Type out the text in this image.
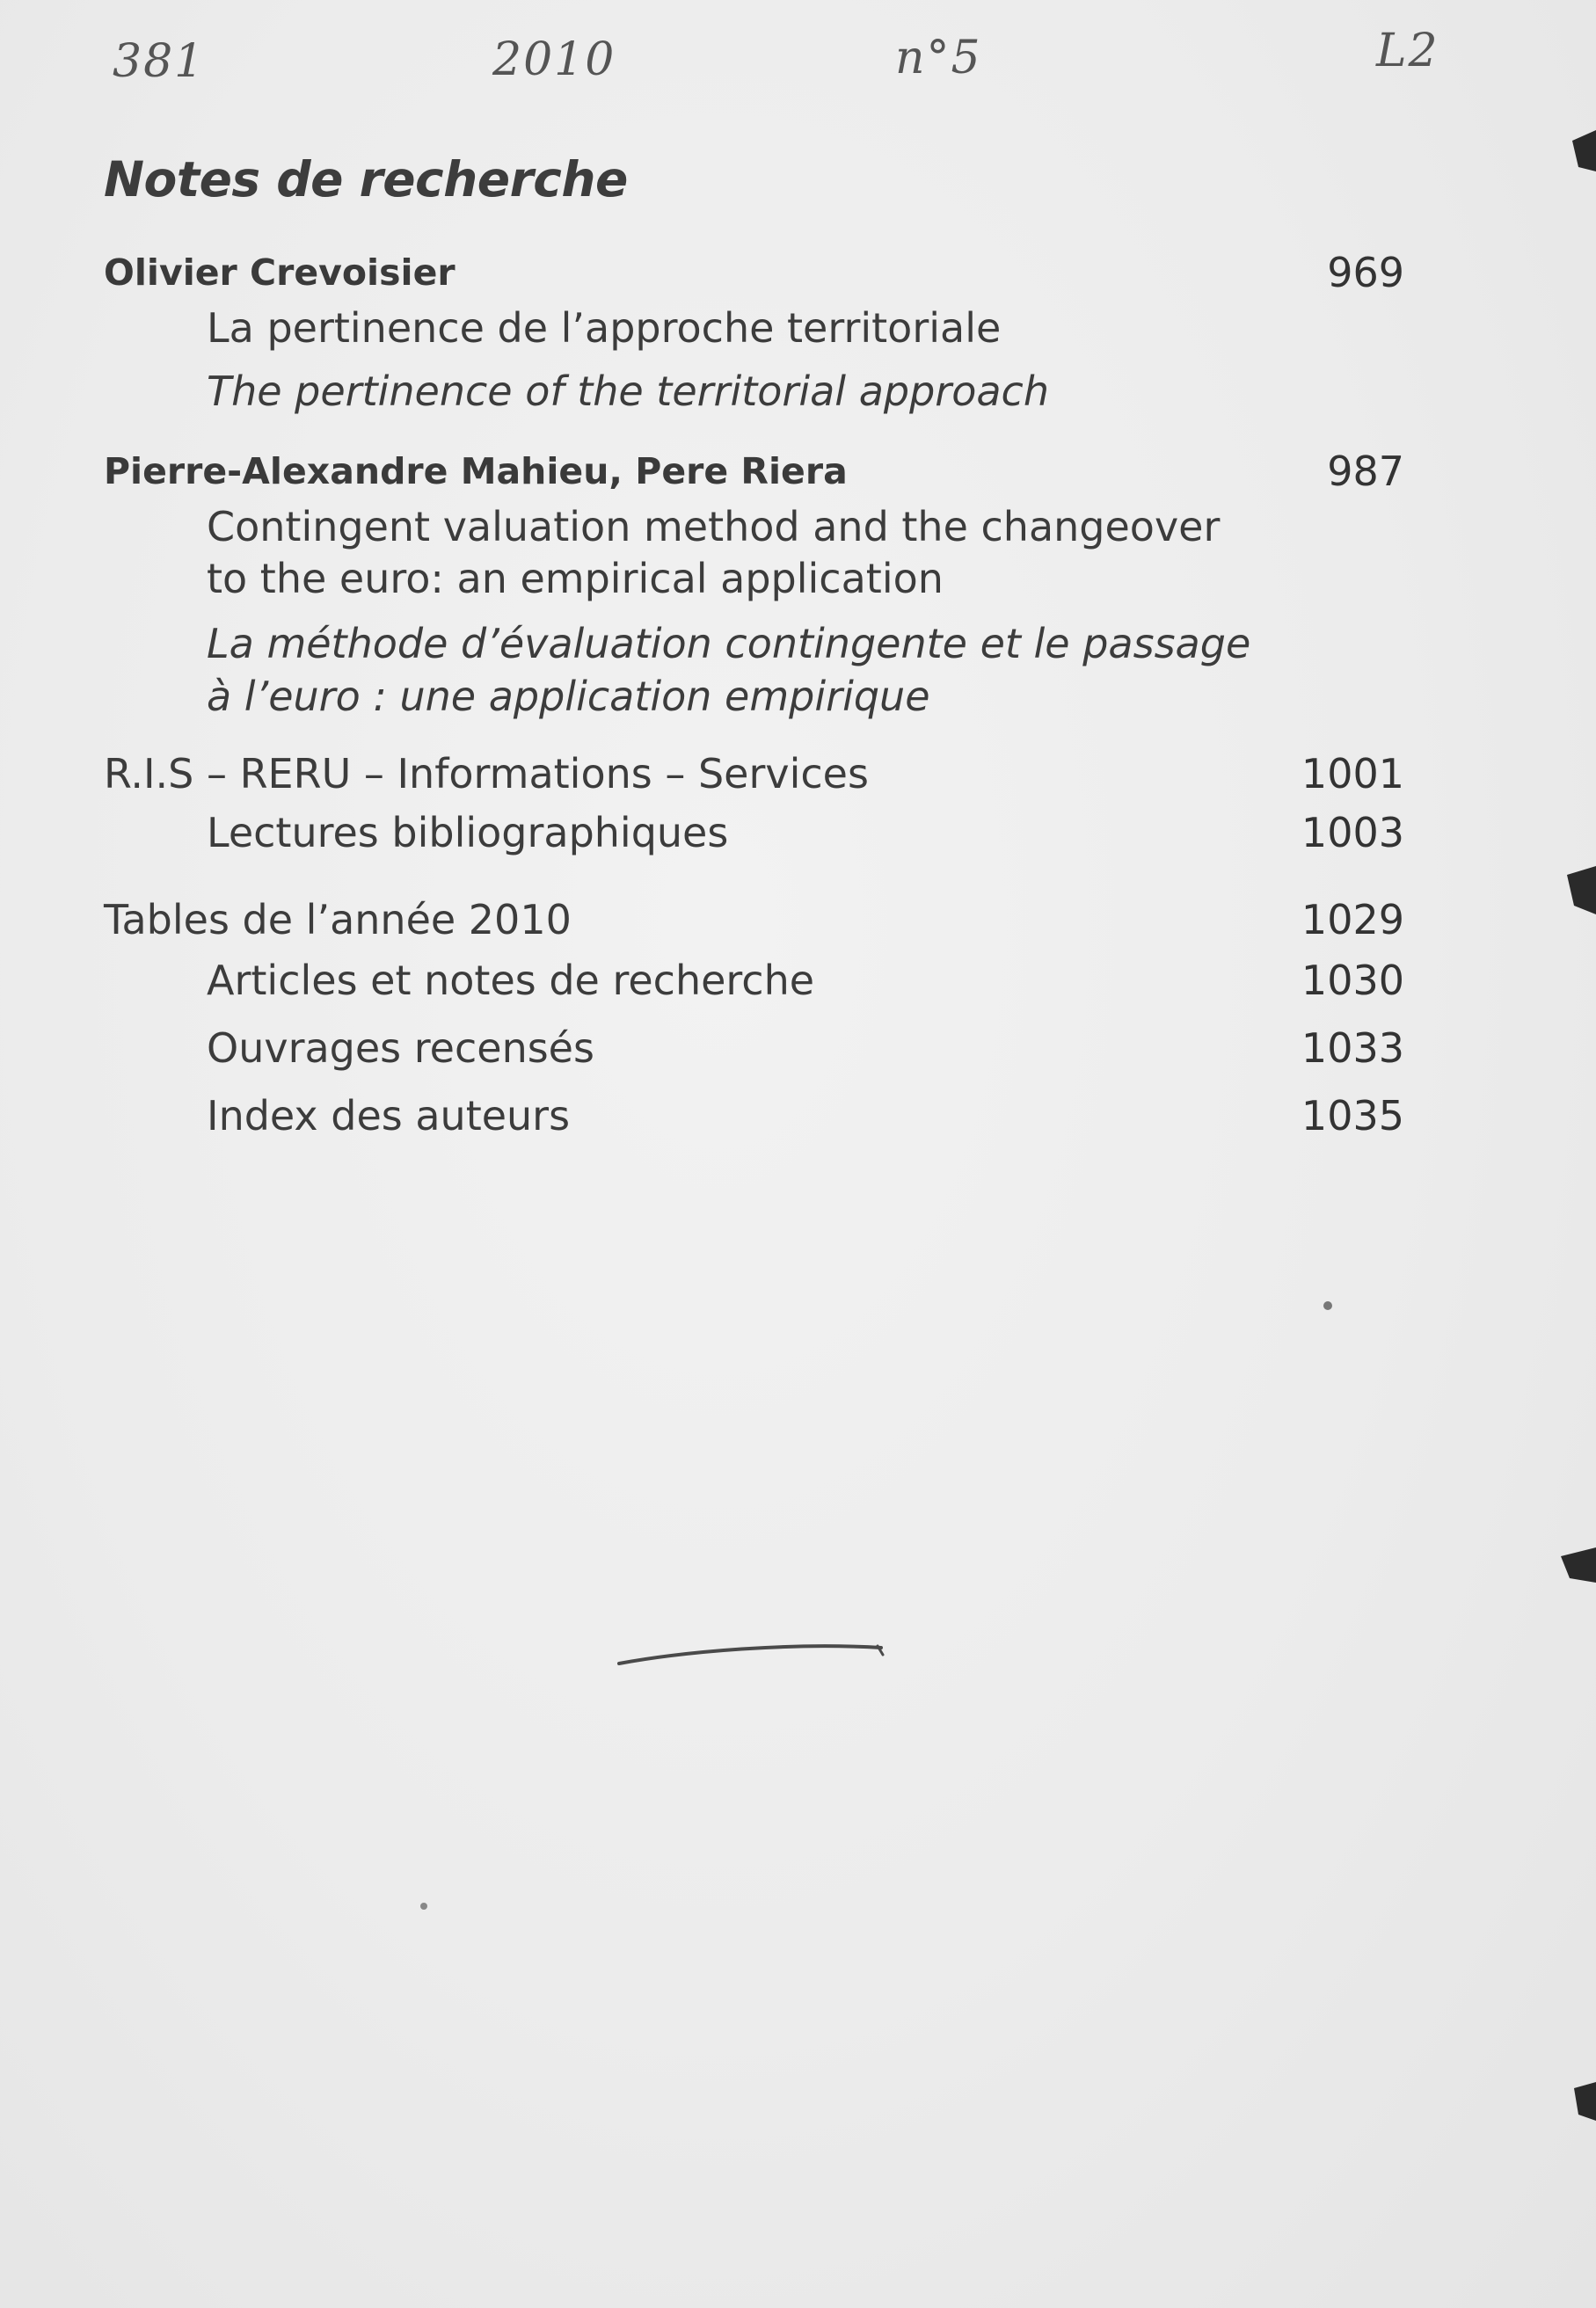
381	2010	n°5	L2
Notes de recherche

Olivier Crevoisier	969

La pertinence de l’approche territoriale

The pertinence of the territorial approach

Pierre-Alexandre Mahieu, Pere Riera	987

Contingent valuation method and the changeover

to the euro: an empirical application

La méthode d’évaluation contingente et le passage

à l’euro : une application empirique

R.I.S – RERU – Informations – Services	1001

Lectures bibliographiques	1003

Tables de l’année 2010	1029

Articles et notes de recherche	1030

Ouvrages recensés	1033

Index des auteurs	1035
